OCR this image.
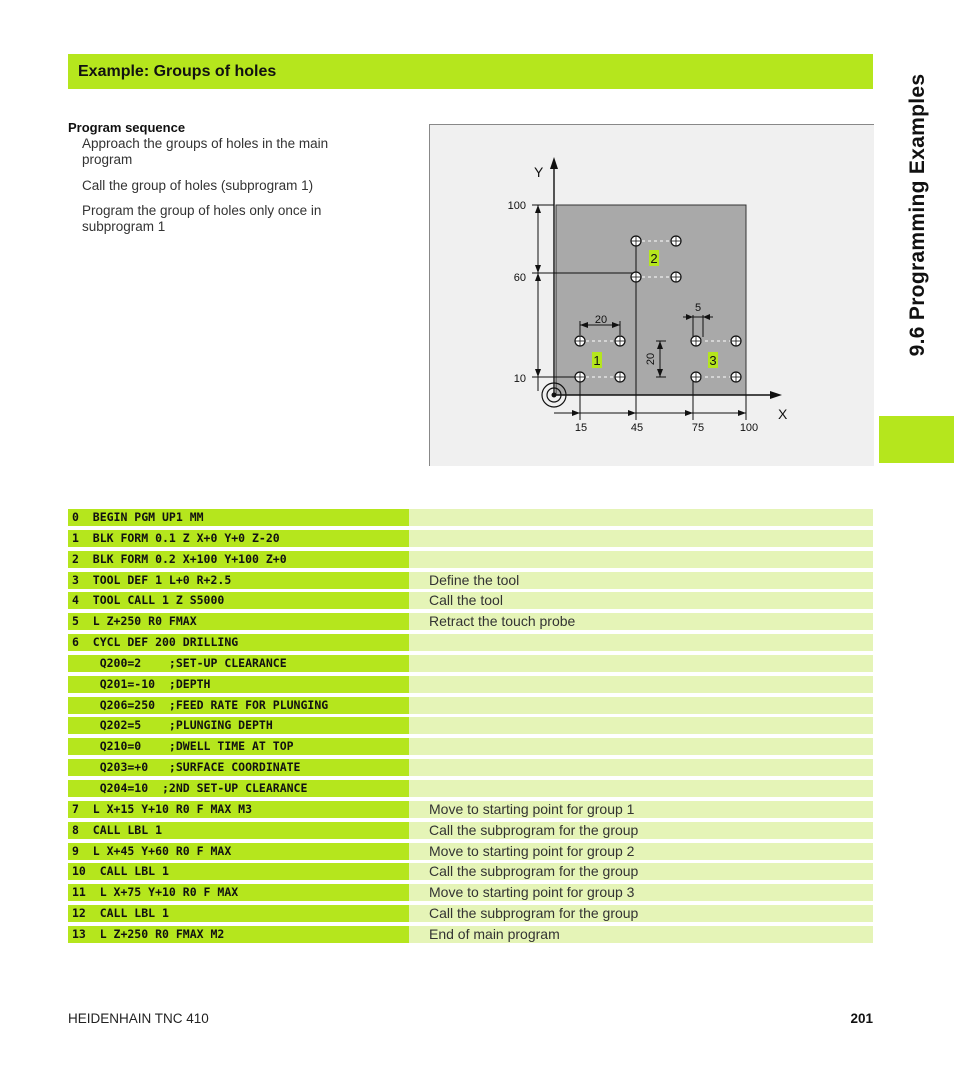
Example: Groups of holes
9.6 Programming Examples
Program sequence
Approach the groups of holes in the main program
Call the group of holes (subprogram 1)
Program the group of holes only once in subprogram 1
Y
X
100
60
10
15	45	75	100
20
20
5
1
2
3
0  BEGIN PGM UP1 MM
1  BLK FORM 0.1 Z X+0 Y+0 Z-20
2  BLK FORM 0.2 X+100 Y+100 Z+0
3  TOOL DEF 1 L+0 R+2.5	Define the tool
4  TOOL CALL 1 Z S5000	Call the tool
5  L Z+250 R0 FMAX	Retract the touch probe
6  CYCL DEF 200 DRILLING
Q200=2    ;SET-UP CLEARANCE
Q201=-10  ;DEPTH
Q206=250  ;FEED RATE FOR PLUNGING
Q202=5    ;PLUNGING DEPTH
Q210=0    ;DWELL TIME AT TOP
Q203=+0   ;SURFACE COORDINATE
Q204=10  ;2ND SET-UP CLEARANCE
7  L X+15 Y+10 R0 F MAX M3	Move to starting point for group 1
8  CALL LBL 1	Call the subprogram for the group
9  L X+45 Y+60 R0 F MAX	Move to starting point for group 2
10  CALL LBL 1	Call the subprogram for the group
11  L X+75 Y+10 R0 F MAX	Move to starting point for group 3
12  CALL LBL 1	Call the subprogram for the group
13  L Z+250 R0 FMAX M2	End of main program
HEIDENHAIN TNC 410	201
